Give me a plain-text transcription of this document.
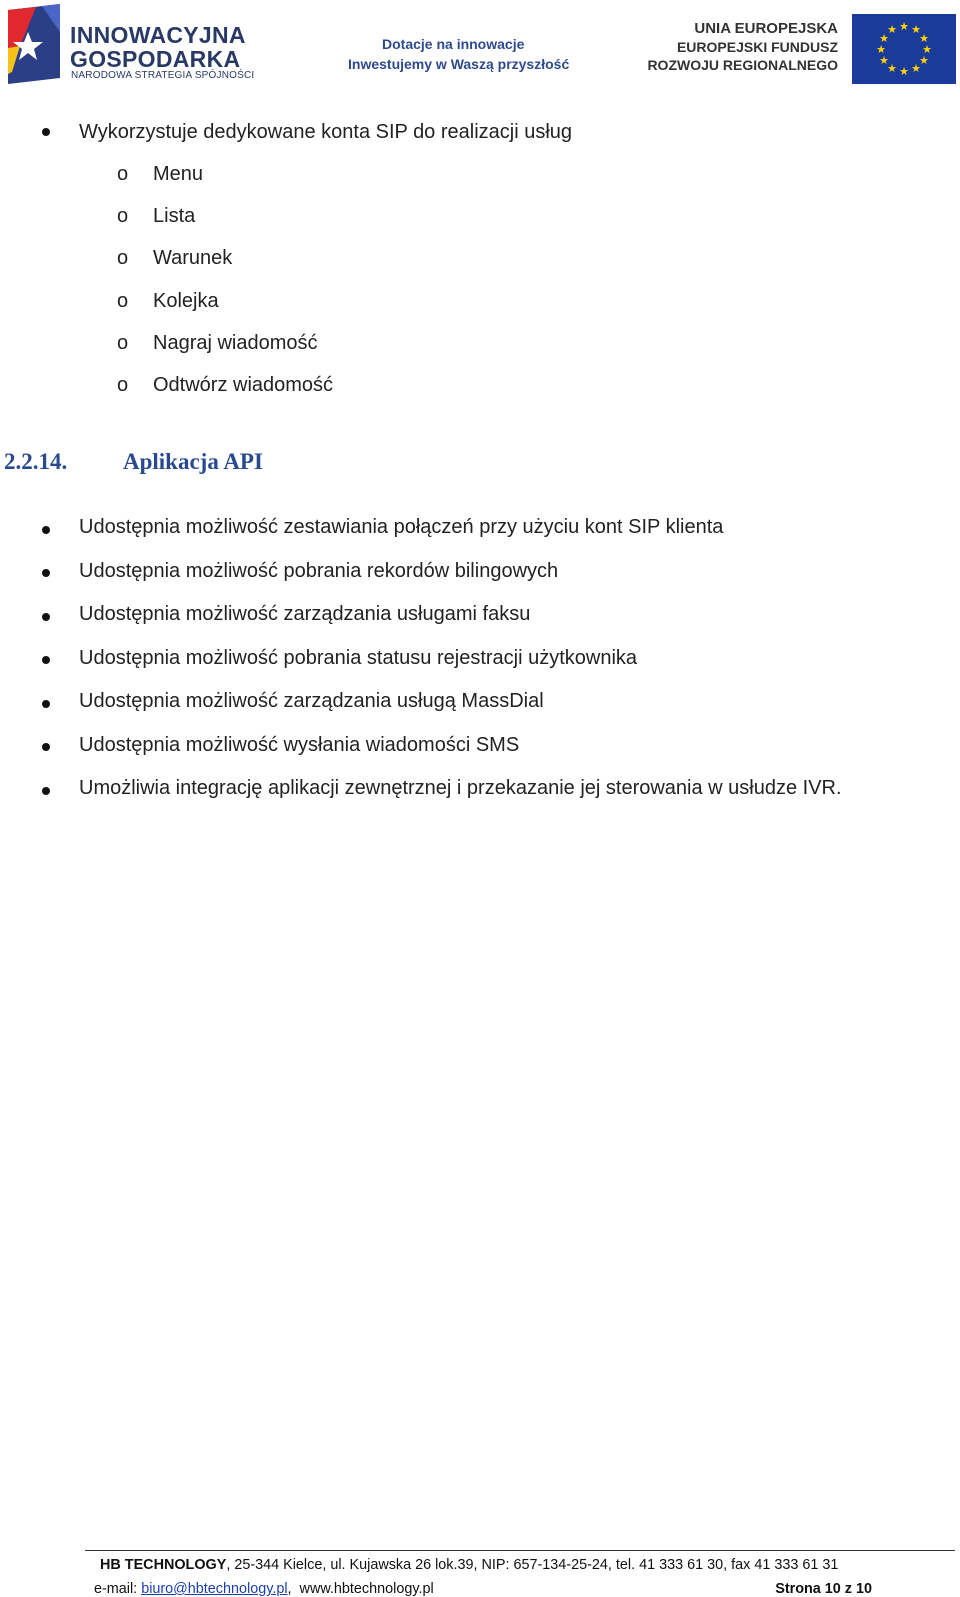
INNOWACYJNA
GOSPODARKA
NARODOWA STRATEGIA SPÓJNOŚCI
Dotacje na innowacje
Inwestujemy w Waszą przyszłość
UNIA EUROPEJSKA
EUROPEJSKI FUNDUSZ
ROZWOJU REGIONALNEGO
★ ★
★
★
★
★
★
★
★
★
★
★
Wykorzystuje dedykowane konta SIP do realizacji usług
o Menu
o Lista
o Warunek
o Kolejka
o Nagraj wiadomość
o Odtwórz wiadomość
2.2.14. Aplikacja API
Udostępnia możliwość zestawiania połączeń przy użyciu kont SIP klienta
Udostępnia możliwość pobrania rekordów bilingowych
Udostępnia możliwość zarządzania usługami faksu
Udostępnia możliwość pobrania statusu rejestracji użytkownika
Udostępnia możliwość zarządzania usługą MassDial
Udostępnia możliwość wysłania wiadomości SMS
Umożliwia integrację aplikacji zewnętrznej i przekazanie jej sterowania w usłudze IVR.
HB TECHNOLOGY, 25-344 Kielce, ul. Kujawska 26 lok.39, NIP: 657-134-25-24, tel. 41 333 61 30, fax 41 333 61 31
e-mail: biuro@hbtechnology.pl, www.hbtechnology.pl	Strona 10 z 10
